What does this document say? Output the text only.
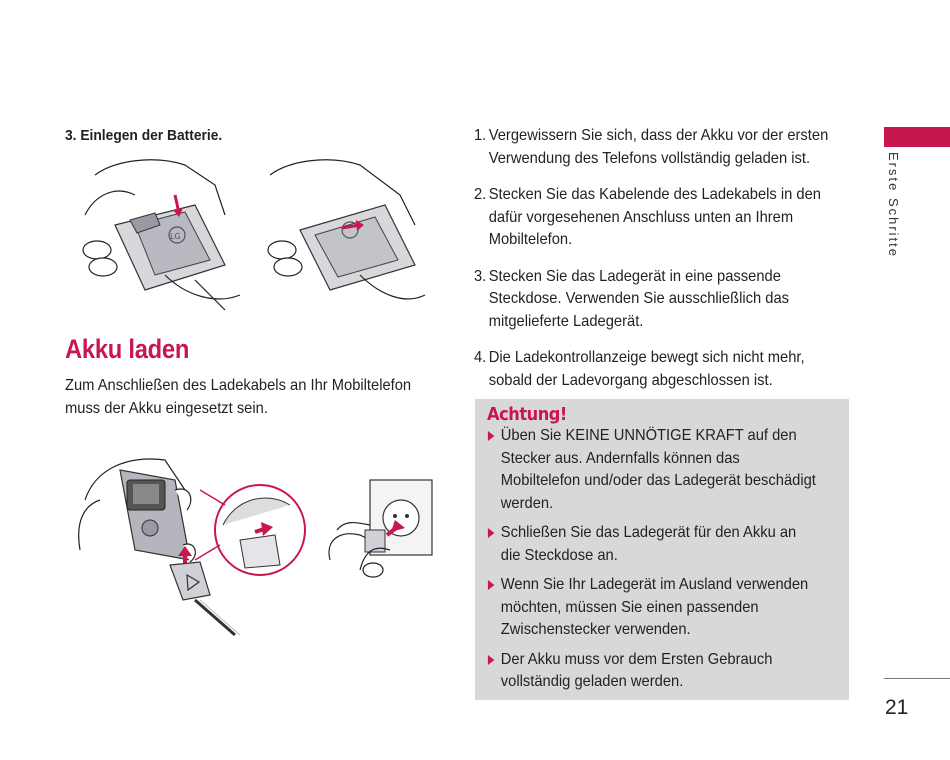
3. Einlegen der Batterie.
LG
Akku laden
Zum Anschließen des Ladekabels an Ihr Mobiltelefon muss der Akku eingesetzt sein.
1. Vergewissern Sie sich, dass der Akku vor der ersten Verwendung des Telefons vollständig geladen ist.
2. Stecken Sie das Kabelende des Ladekabels in den dafür vorgesehenen Anschluss unten an Ihrem Mobiltelefon.
3. Stecken Sie das Ladegerät in eine passende Steckdose. Verwenden Sie ausschließlich das mitgelieferte Ladegerät.
4. Die Ladekontrollanzeige bewegt sich nicht mehr, sobald der Ladevorgang abgeschlossen ist.
Achtung!
Üben Sie KEINE UNNÖTIGE KRAFT auf den Stecker aus. Andernfalls können das Mobiltelefon und/oder das Ladegerät beschädigt werden.
Schließen Sie das Ladegerät für den Akku an die Steckdose an.
Wenn Sie Ihr Ladegerät im Ausland verwenden möchten, müssen Sie einen passenden Zwischenstecker verwenden.
Der Akku muss vor dem Ersten Gebrauch vollständig geladen werden.
Erste Schritte
21
